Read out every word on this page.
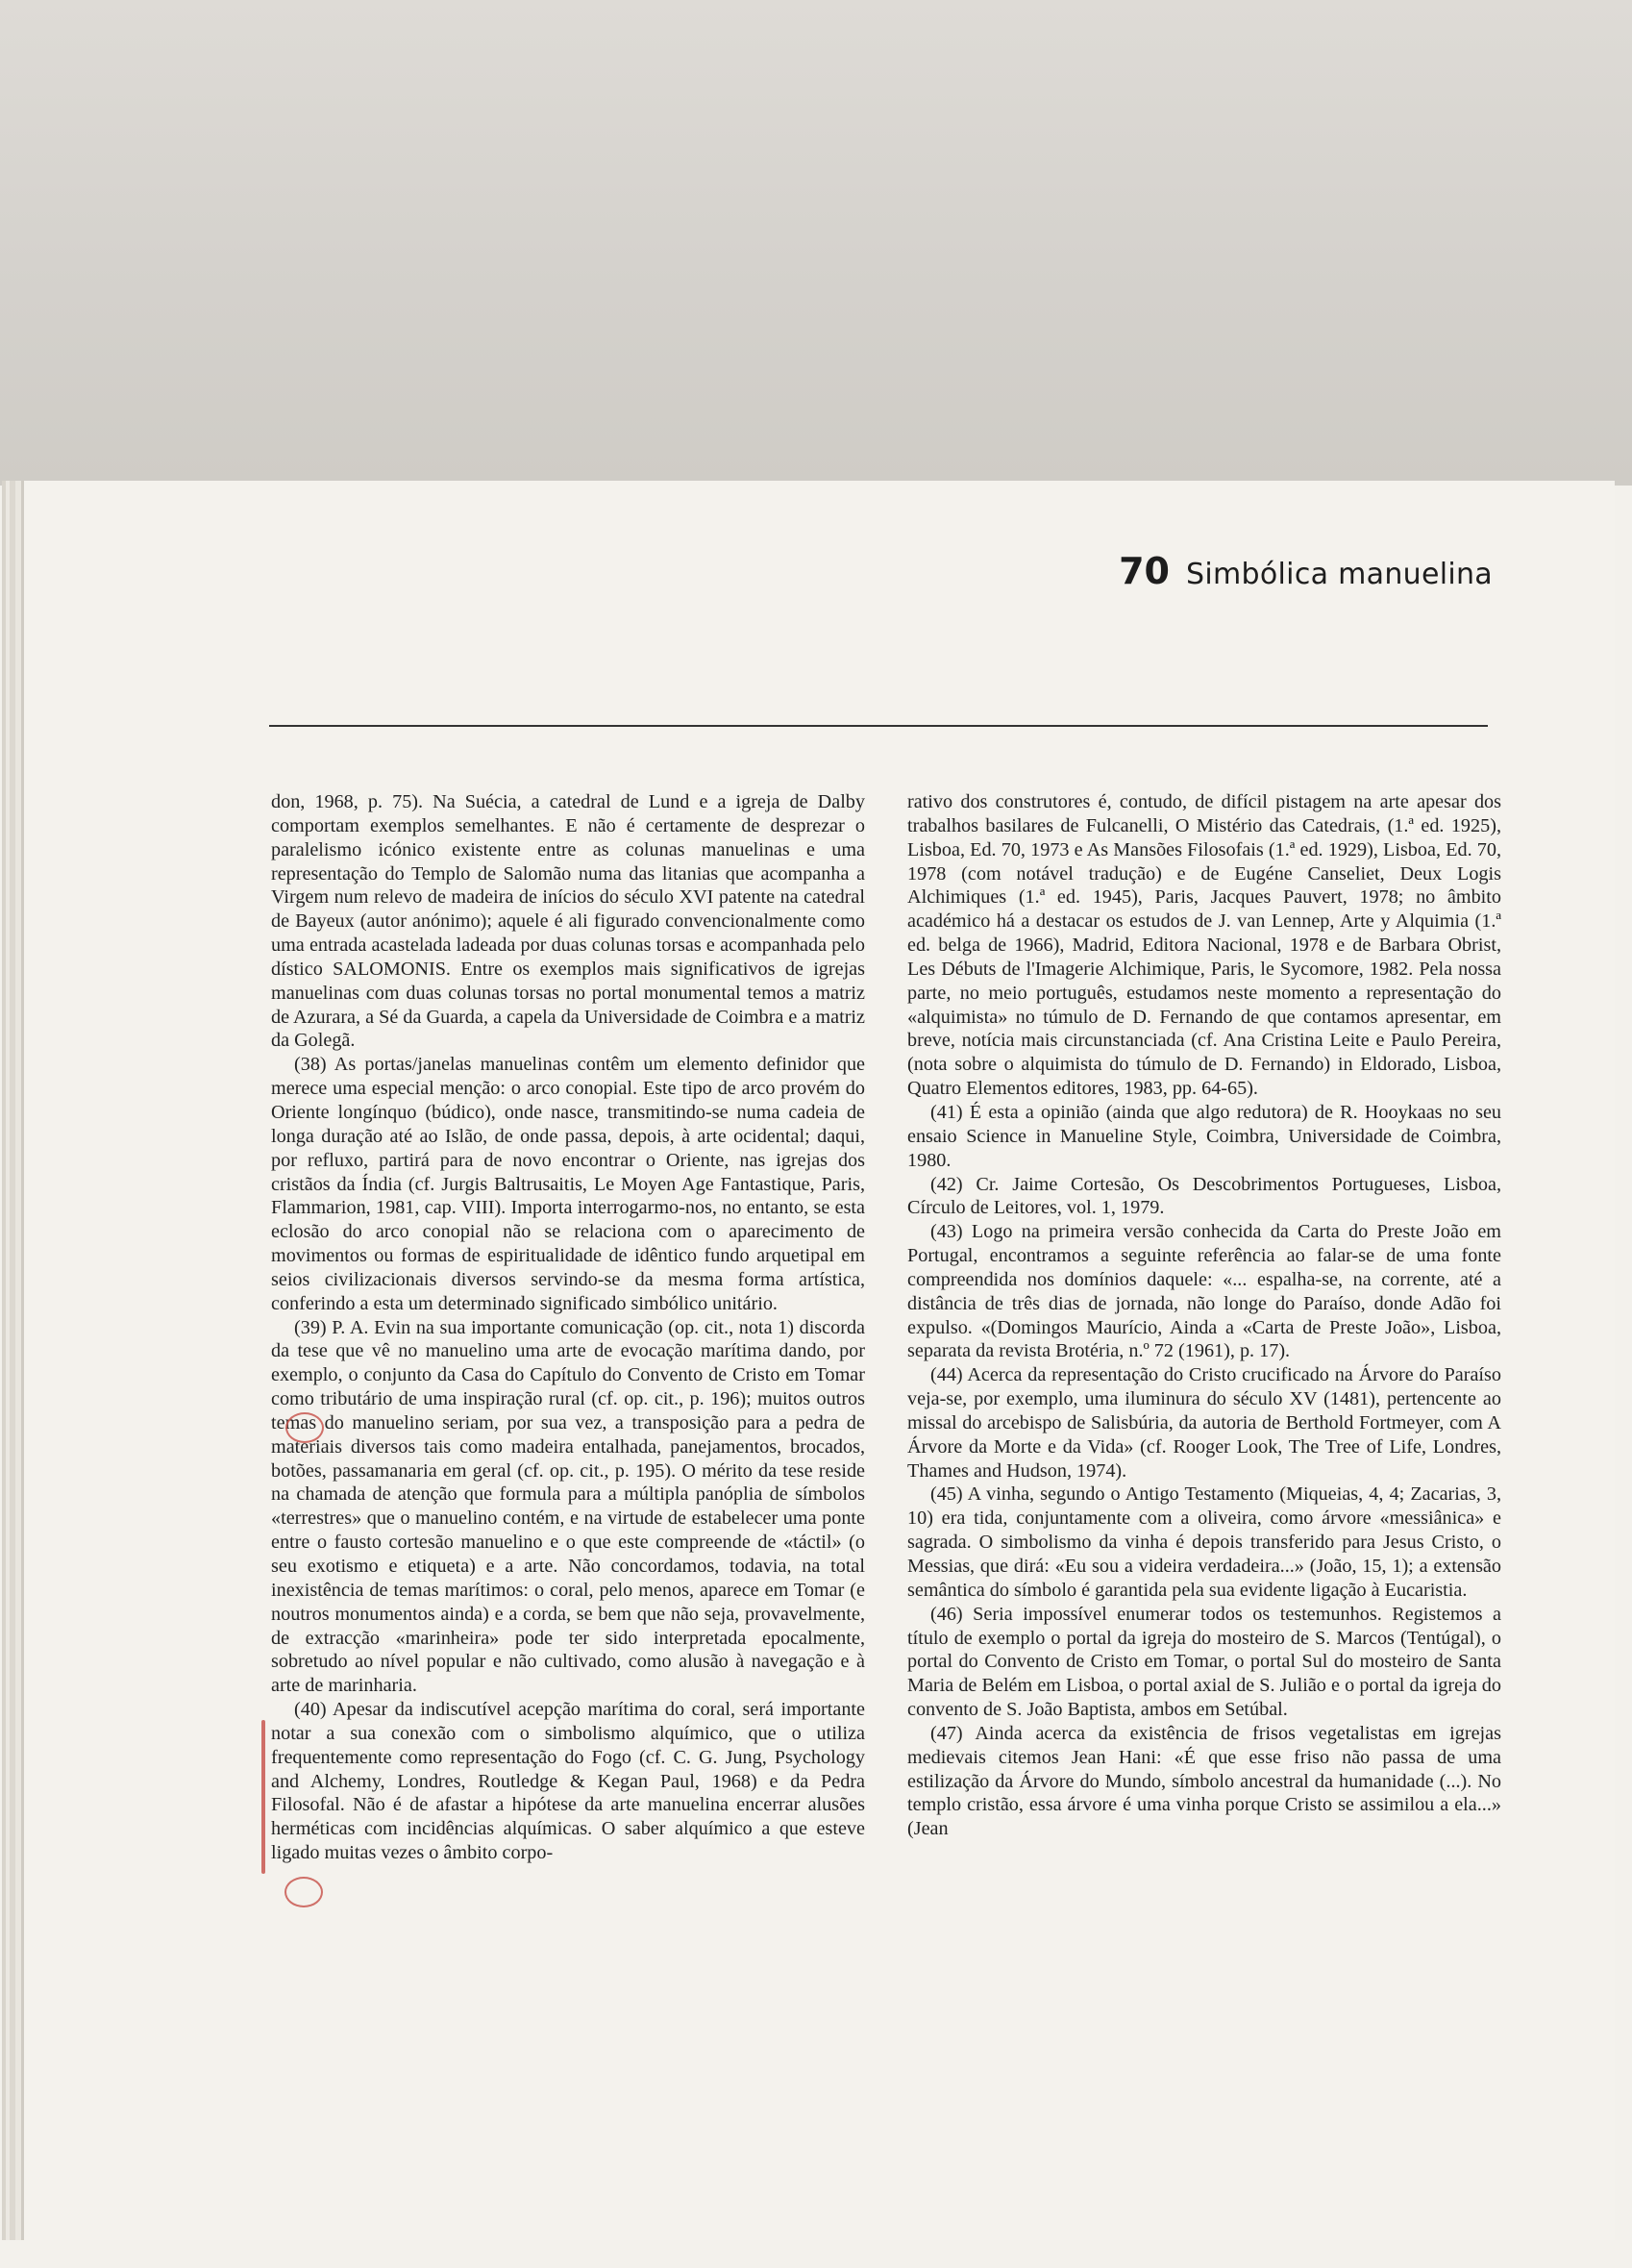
70 Simbólica manuelina

don, 1968, p. 75). Na Suécia, a catedral de Lund e a igreja de Dalby comportam exemplos semelhantes. E não é certamente de desprezar o paralelismo icónico existente entre as colunas manuelinas e uma representação do Templo de Salomão numa das litanias que acompanha a Virgem num relevo de madeira de inícios do século XVI patente na catedral de Bayeux (autor anónimo); aquele é ali figurado convencionalmente como uma entrada acastelada ladeada por duas colunas torsas e acompanhada pelo dístico SALOMONIS. Entre os exemplos mais significativos de igrejas manuelinas com duas colunas torsas no portal monumental temos a matriz de Azurara, a Sé da Guarda, a capela da Universidade de Coimbra e a matriz da Golegã.

(38) As portas/janelas manuelinas contêm um elemento definidor que merece uma especial menção: o arco conopial. Este tipo de arco provém do Oriente longínquo (búdico), onde nasce, transmitindo-se numa cadeia de longa duração até ao Islão, de onde passa, depois, à arte ocidental; daqui, por refluxo, partirá para de novo encontrar o Oriente, nas igrejas dos cristãos da Índia (cf. Jurgis Baltrusaitis, Le Moyen Age Fantastique, Paris, Flammarion, 1981, cap. VIII). Importa interrogarmo-nos, no entanto, se esta eclosão do arco conopial não se relaciona com o aparecimento de movimentos ou formas de espiritualidade de idêntico fundo arquetipal em seios civilizacionais diversos servindo-se da mesma forma artística, conferindo a esta um determinado significado simbólico unitário.

(39) P. A. Evin na sua importante comunicação (op. cit., nota 1) discorda da tese que vê no manuelino uma arte de evocação marítima dando, por exemplo, o conjunto da Casa do Capítulo do Convento de Cristo em Tomar como tributário de uma inspiração rural (cf. op. cit., p. 196); muitos outros temas do manuelino seriam, por sua vez, a transposição para a pedra de materiais diversos tais como madeira entalhada, panejamentos, brocados, botões, passamanaria em geral (cf. op. cit., p. 195). O mérito da tese reside na chamada de atenção que formula para a múltipla panóplia de símbolos «terrestres» que o manuelino contém, e na virtude de estabelecer uma ponte entre o fausto cortesão manuelino e o que este compreende de «táctil» (o seu exotismo e etiqueta) e a arte. Não concordamos, todavia, na total inexistência de temas marítimos: o coral, pelo menos, aparece em Tomar (e noutros monumentos ainda) e a corda, se bem que não seja, provavelmente, de extracção «marinheira» pode ter sido interpretada epocalmente, sobretudo ao nível popular e não cultivado, como alusão à navegação e à arte de marinharia.

(40) Apesar da indiscutível acepção marítima do coral, será importante notar a sua conexão com o simbolismo alquímico, que o utiliza frequentemente como representação do Fogo (cf. C. G. Jung, Psychology and Alchemy, Londres, Routledge & Kegan Paul, 1968) e da Pedra Filosofal. Não é de afastar a hipótese da arte manuelina encerrar alusões herméticas com incidências alquímicas. O saber alquímico a que esteve ligado muitas vezes o âmbito corpo-

rativo dos construtores é, contudo, de difícil pistagem na arte apesar dos trabalhos basilares de Fulcanelli, O Mistério das Catedrais, (1.ª ed. 1925), Lisboa, Ed. 70, 1973 e As Mansões Filosofais (1.ª ed. 1929), Lisboa, Ed. 70, 1978 (com notável tradução) e de Eugéne Canseliet, Deux Logis Alchimiques (1.ª ed. 1945), Paris, Jacques Pauvert, 1978; no âmbito académico há a destacar os estudos de J. van Lennep, Arte y Alquimia (1.ª ed. belga de 1966), Madrid, Editora Nacional, 1978 e de Barbara Obrist, Les Débuts de l'Imagerie Alchimique, Paris, le Sycomore, 1982. Pela nossa parte, no meio português, estudamos neste momento a representação do «alquimista» no túmulo de D. Fernando de que contamos apresentar, em breve, notícia mais circunstanciada (cf. Ana Cristina Leite e Paulo Pereira, (nota sobre o alquimista do túmulo de D. Fernando) in Eldorado, Lisboa, Quatro Elementos editores, 1983, pp. 64-65).

(41) É esta a opinião (ainda que algo redutora) de R. Hooykaas no seu ensaio Science in Manueline Style, Coimbra, Universidade de Coimbra, 1980.

(42) Cr. Jaime Cortesão, Os Descobrimentos Portugueses, Lisboa, Círculo de Leitores, vol. 1, 1979.

(43) Logo na primeira versão conhecida da Carta do Preste João em Portugal, encontramos a seguinte referência ao falar-se de uma fonte compreendida nos domínios daquele: «... espalha-se, na corrente, até a distância de três dias de jornada, não longe do Paraíso, donde Adão foi expulso. «(Domingos Maurício, Ainda a «Carta de Preste João», Lisboa, separata da revista Brotéria, n.º 72 (1961), p. 17).

(44) Acerca da representação do Cristo crucificado na Árvore do Paraíso veja-se, por exemplo, uma iluminura do século XV (1481), pertencente ao missal do arcebispo de Salisbúria, da autoria de Berthold Fortmeyer, com A Árvore da Morte e da Vida» (cf. Rooger Look, The Tree of Life, Londres, Thames and Hudson, 1974).

(45) A vinha, segundo o Antigo Testamento (Miqueias, 4, 4; Zacarias, 3, 10) era tida, conjuntamente com a oliveira, como árvore «messiânica» e sagrada. O simbolismo da vinha é depois transferido para Jesus Cristo, o Messias, que dirá: «Eu sou a videira verdadeira...» (João, 15, 1); a extensão semântica do símbolo é garantida pela sua evidente ligação à Eucaristia.

(46) Seria impossível enumerar todos os testemunhos. Registemos a título de exemplo o portal da igreja do mosteiro de S. Marcos (Tentúgal), o portal do Convento de Cristo em Tomar, o portal Sul do mosteiro de Santa Maria de Belém em Lisboa, o portal axial de S. Julião e o portal da igreja do convento de S. João Baptista, ambos em Setúbal.

(47) Ainda acerca da existência de frisos vegetalistas em igrejas medievais citemos Jean Hani: «É que esse friso não passa de uma estilização da Árvore do Mundo, símbolo ancestral da humanidade (...). No templo cristão, essa árvore é uma vinha porque Cristo se assimilou a ela...» (Jean
